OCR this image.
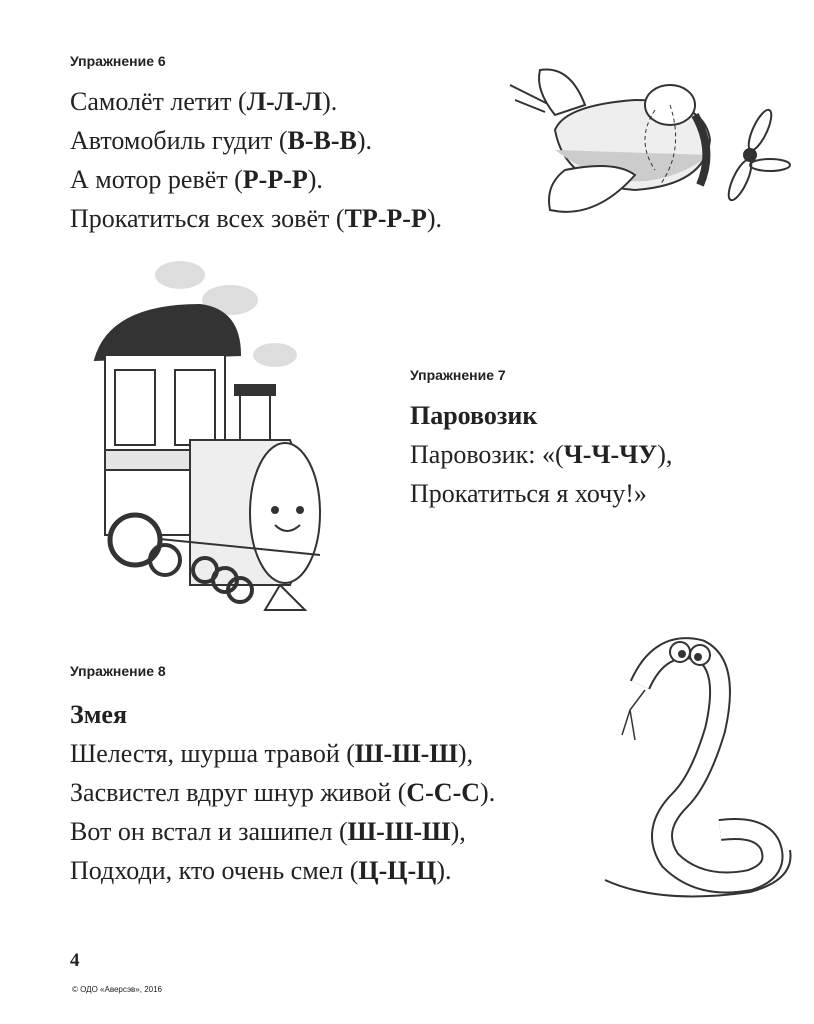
Упражнение 6
Самолёт летит (Л-Л-Л).
Автомобиль гудит (В-В-В).
А мотор ревёт (Р-Р-Р).
Прокатиться всех зовёт (ТР-Р-Р).
Упражнение 7
Паровозик
Паровозик: «(Ч-Ч-ЧУ),
Прокатиться я хочу!»
Упражнение 8
Змея
Шелестя, шурша травой (Ш-Ш-Ш),
Засвистел вдруг шнур живой (С-С-С).
Вот он встал и зашипел (Ш-Ш-Ш),
Подходи, кто очень смел (Ц-Ц-Ц).
4
© ОДО «Аверсэв», 2016
